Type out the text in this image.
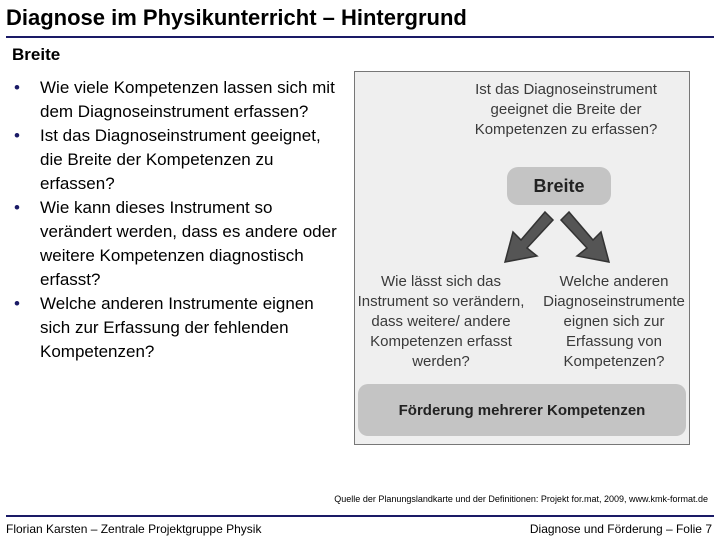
Diagnose im Physikunterricht – Hintergrund
Breite
•	Wie viele Kompetenzen lassen sich mit dem Diagnoseinstrument erfassen?
•	Ist das Diagnoseinstrument geeignet, die Breite der Kompetenzen zu erfassen?
•	Wie kann dieses Instrument so verändert werden, dass es andere oder weitere Kompetenzen diagnostisch erfasst?
•	Welche anderen Instrumente eignen sich zur Erfassung der fehlenden Kompetenzen?
Ist das Diagnoseinstrument geeignet die Breite der Kompetenzen zu erfassen?
Breite
Wie lässt sich das Instrument so verändern, dass weitere/ andere Kompetenzen erfasst werden?
Welche anderen Diagnoseinstrumente eignen sich zur Erfassung von Kompetenzen?
Förderung mehrerer Kompetenzen
Quelle der Planungslandkarte und der Definitionen: Projekt for.mat, 2009, www.kmk-format.de
Florian Karsten – Zentrale Projektgruppe Physik	Diagnose und Förderung – Folie 7
